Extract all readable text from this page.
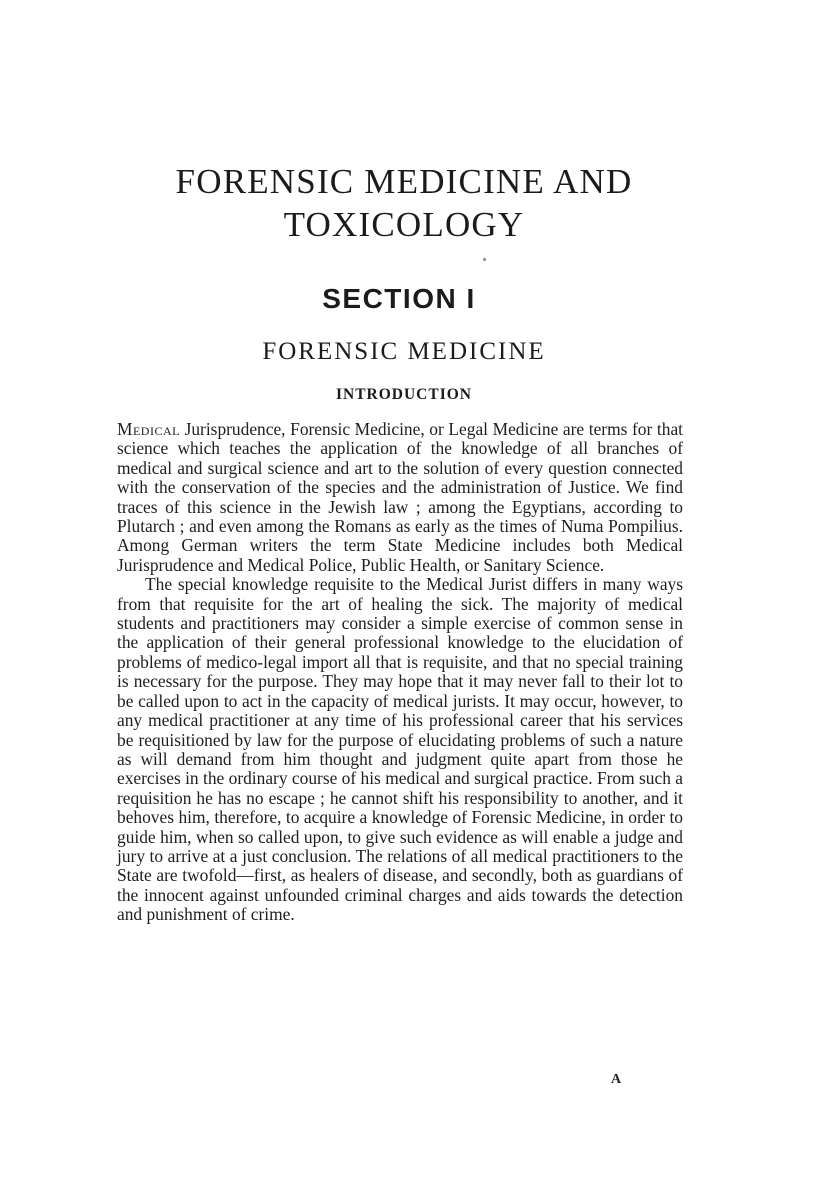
FORENSIC MEDICINE AND
TOXICOLOGY
SECTION I
FORENSIC MEDICINE
INTRODUCTION

Medical Jurisprudence, Forensic Medicine, or Legal Medicine are terms for that science which teaches the application of the knowledge of all branches of medical and surgical science and art to the solution of every question connected with the conservation of the species and the administration of Justice. We find traces of this science in the Jewish law ; among the Egyptians, according to Plutarch ; and even among the Romans as early as the times of Numa Pompilius. Among German writers the term State Medicine includes both Medical Jurisprudence and Medical Police, Public Health, or Sanitary Science.

The special knowledge requisite to the Medical Jurist differs in many ways from that requisite for the art of healing the sick. The majority of medical students and practitioners may consider a simple exercise of common sense in the application of their general professional knowledge to the elucidation of problems of medico-legal import all that is requisite, and that no special training is necessary for the purpose. They may hope that it may never fall to their lot to be called upon to act in the capacity of medical jurists. It may occur, however, to any medical practitioner at any time of his professional career that his services be requisitioned by law for the purpose of elucidating problems of such a nature as will demand from him thought and judgment quite apart from those he exercises in the ordinary course of his medical and surgical practice. From such a requisition he has no escape ; he cannot shift his responsibility to another, and it behoves him, therefore, to acquire a knowledge of Forensic Medicine, in order to guide him, when so called upon, to give such evidence as will enable a judge and jury to arrive at a just conclusion. The relations of all medical practitioners to the State are twofold—first, as healers of disease, and secondly, both as guardians of the innocent against unfounded criminal charges and aids towards the detection and punishment of crime.

A
